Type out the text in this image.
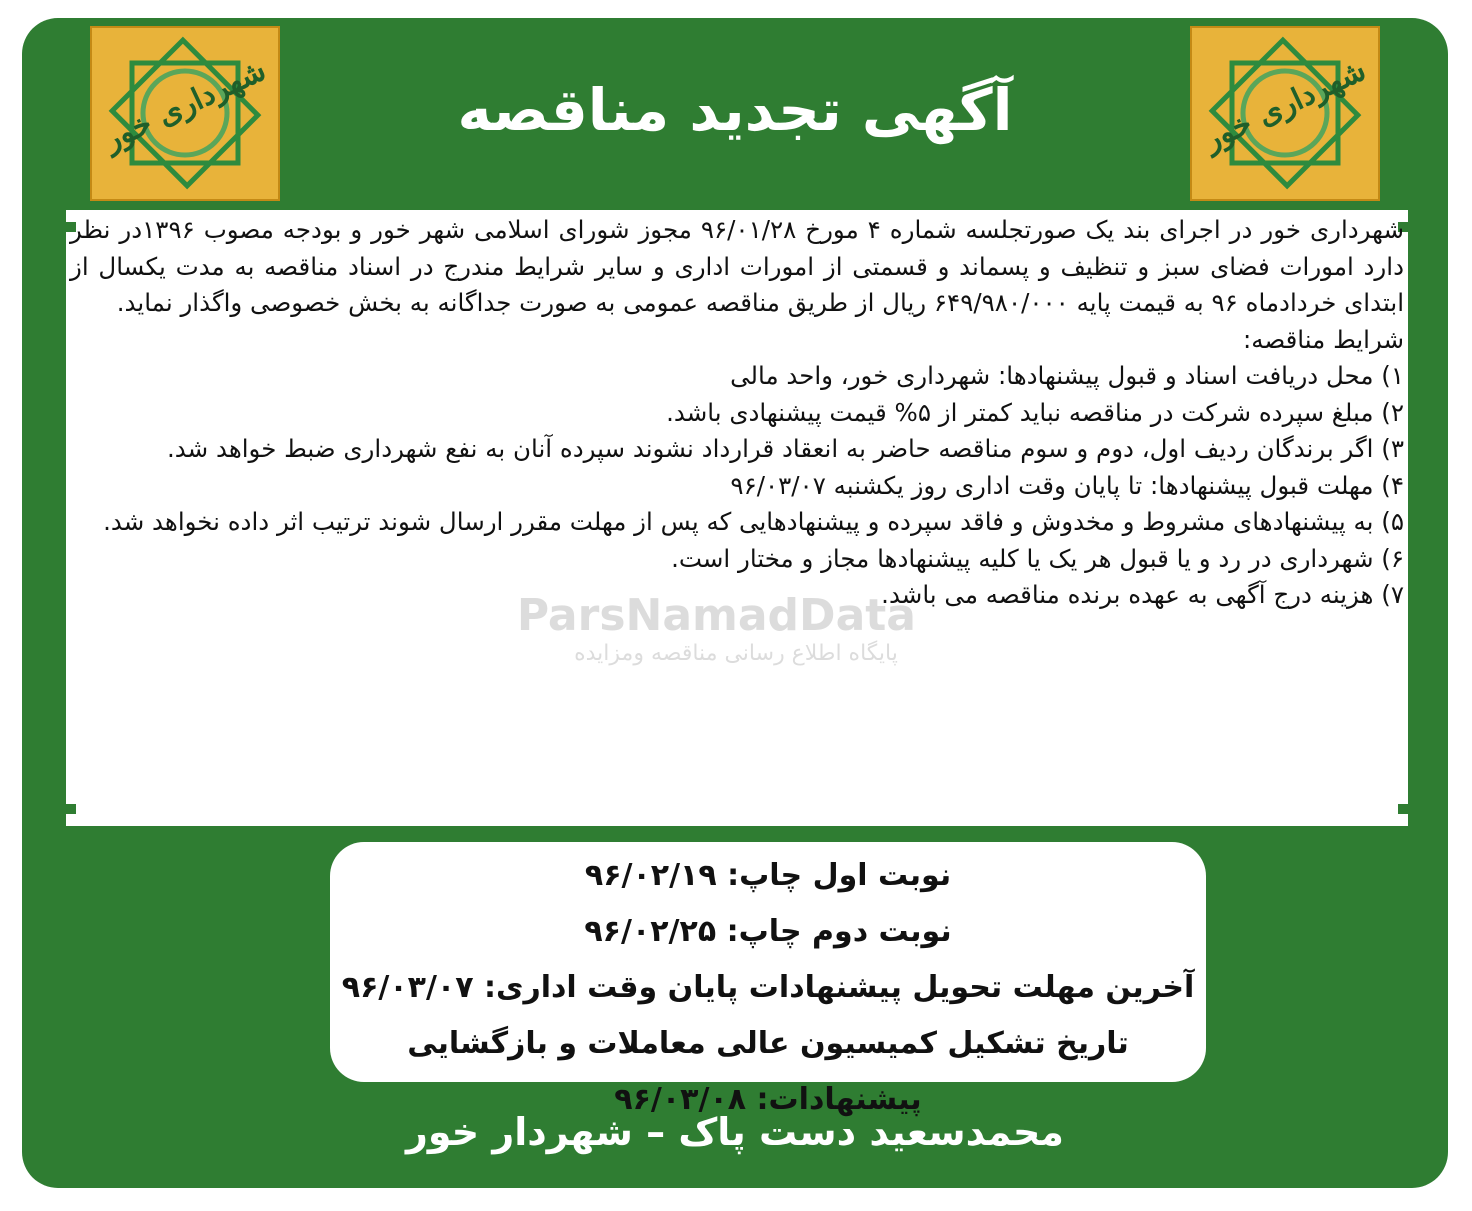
شهرداری خور	آگهی تجدید مناقصه	شهرداری خور
ParsNamadData
پایگاه اطلاع رسانی مناقصه ومزایده

شهرداری خور در اجرای بند یک صورتجلسه شماره ۴ مورخ ۹۶/۰۱/۲۸ مجوز شورای اسلامی شهر خور و بودجه مصوب ۱۳۹۶در نظر دارد امورات فضای سبز و تنظیف و پسماند و قسمتی از امورات اداری و سایر شرایط مندرج در اسناد مناقصه به مدت یکسال از ابتدای خردادماه ۹۶ به قیمت پایه ۶۴۹/۹۸۰/۰۰۰ ریال از طریق مناقصه عمومی به صورت جداگانه به بخش خصوصی واگذار نماید.

شرایط مناقصه:

۱) محل دریافت اسناد و قبول پیشنهادها: شهرداری خور، واحد مالی

۲) مبلغ سپرده شرکت در مناقصه نباید کمتر از ۵% قیمت پیشنهادی باشد.

۳) اگر برندگان ردیف اول، دوم و سوم مناقصه حاضر به انعقاد قرارداد نشوند سپرده آنان به نفع شهرداری ضبط خواهد شد.

۴) مهلت قبول پیشنهادها: تا پایان وقت اداری روز یکشنبه ۹۶/۰۳/۰۷

۵) به پیشنهادهای مشروط و مخدوش و فاقد سپرده و پیشنهادهایی که پس از مهلت مقرر ارسال شوند ترتیب اثر داده نخواهد شد.

۶) شهرداری در رد و یا قبول هر یک یا کلیه پیشنهادها مجاز و مختار است.

۷) هزینه درج آگهی به عهده برنده مناقصه می باشد.

نوبت اول چاپ: ۹۶/۰۲/۱۹
نوبت دوم چاپ: ۹۶/۰۲/۲۵
آخرین مهلت تحویل پیشنهادات پایان وقت اداری: ۹۶/۰۳/۰۷
تاریخ تشکیل کمیسیون عالی معاملات و بازگشایی پیشنهادات: ۹۶/۰۳/۰۸
محمدسعید دست پاک – شهردار خور
